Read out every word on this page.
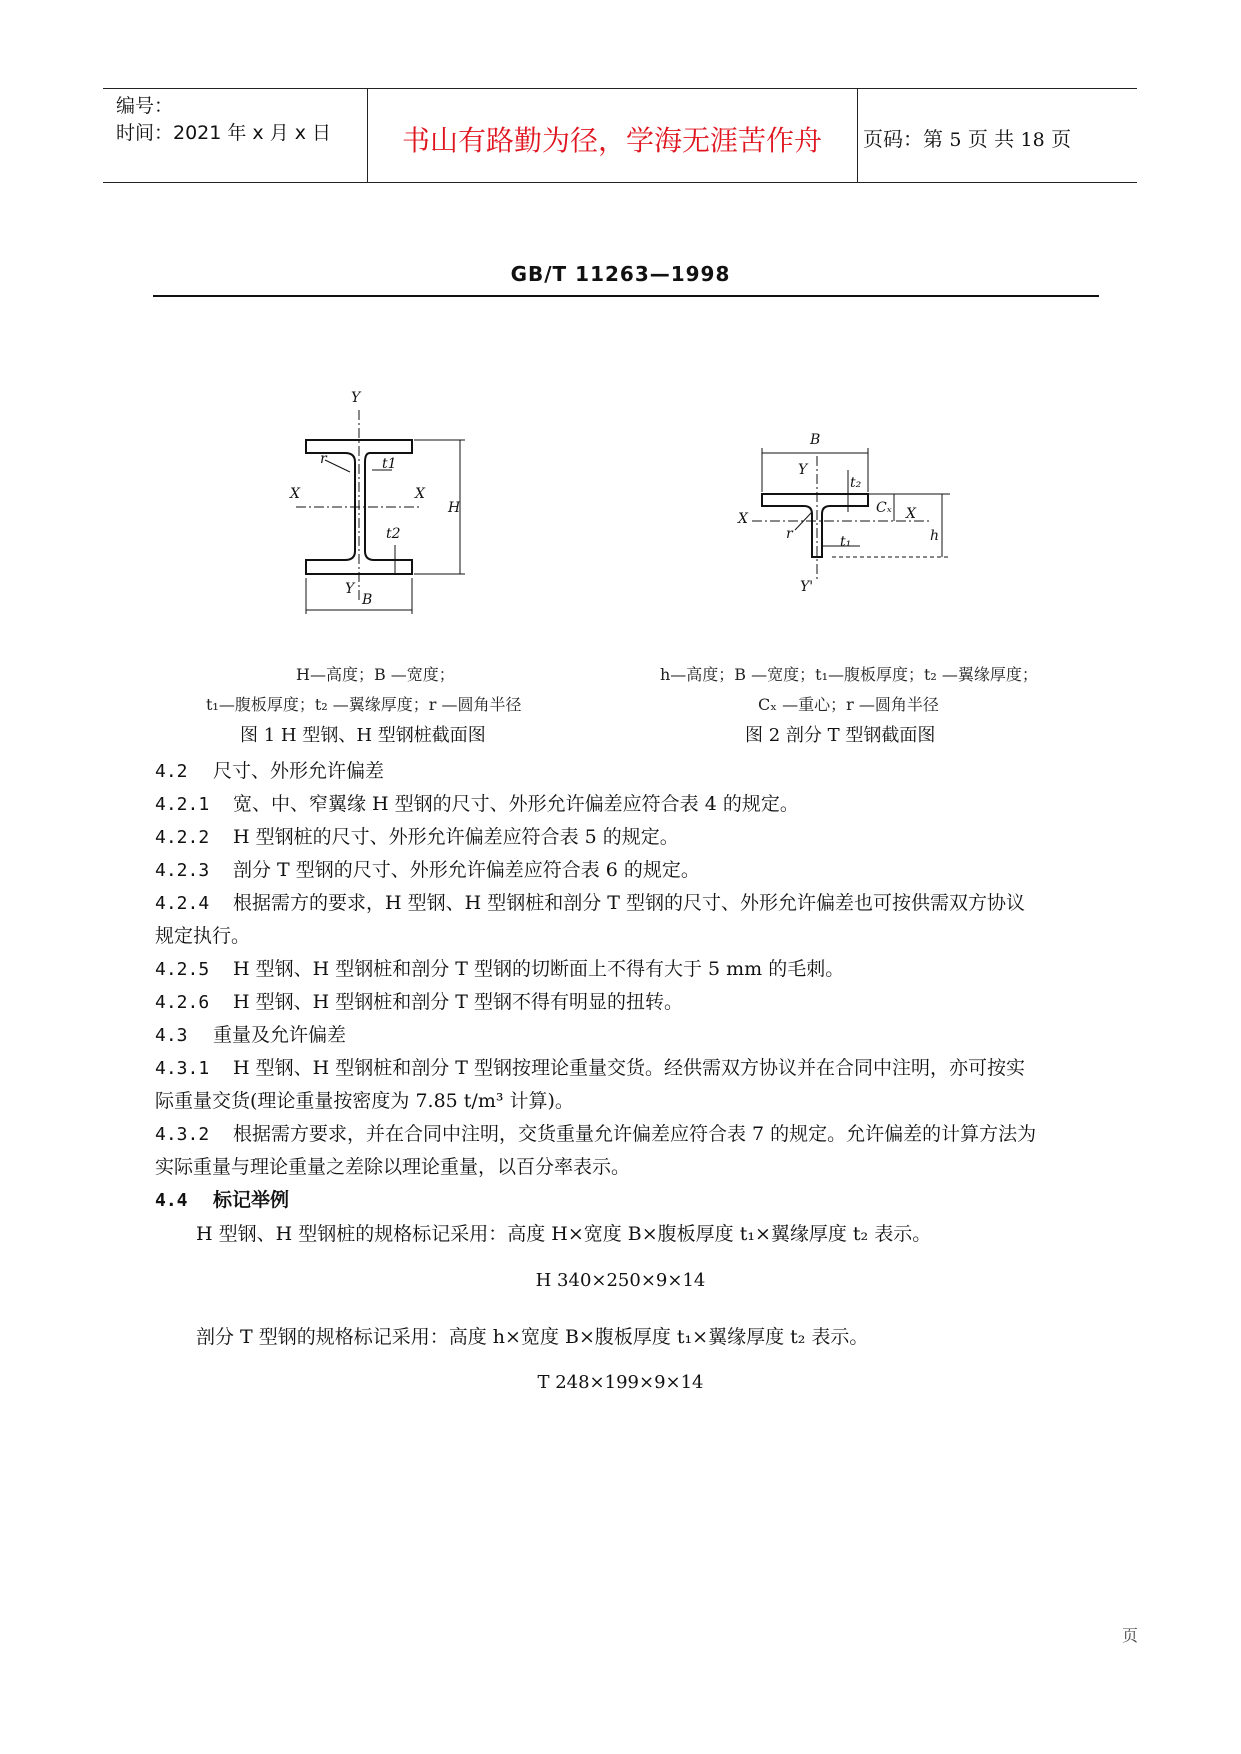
编号：
时间：2021 年 x 月 x 日	书山有路勤为径，学海无涯苦作舟	页码：第 5 页 共 18 页
GB/T 11263—1998
Y
Y
X	X
r	t1
t2
H
B
B
Y
Y'
X	X
t₂
t₁
Cₓ
h
r
H—高度；B —宽度；
t₁—腹板厚度；t₂ —翼缘厚度；r —圆角半径
图 1 H 型钢、H 型钢桩截面图
h—高度；B —宽度；t₁—腹板厚度；t₂ —翼缘厚度；
Cₓ —重心；r —圆角半径
图 2 剖分 T 型钢截面图
4.2 尺寸、外形允许偏差
4.2.1 宽、中、窄翼缘 H 型钢的尺寸、外形允许偏差应符合表 4 的规定。
4.2.2 H 型钢桩的尺寸、外形允许偏差应符合表 5 的规定。
4.2.3 剖分 T 型钢的尺寸、外形允许偏差应符合表 6 的规定。
4.2.4 根据需方的要求，H 型钢、H 型钢桩和剖分 T 型钢的尺寸、外形允许偏差也可按供需双方协议
规定执行。
4.2.5 H 型钢、H 型钢桩和剖分 T 型钢的切断面上不得有大于 5 mm 的毛刺。
4.2.6 H 型钢、H 型钢桩和剖分 T 型钢不得有明显的扭转。
4.3 重量及允许偏差
4.3.1 H 型钢、H 型钢桩和剖分 T 型钢按理论重量交货。经供需双方协议并在合同中注明，亦可按实
际重量交货(理论重量按密度为 7.85 t/m³ 计算)。
4.3.2 根据需方要求，并在合同中注明，交货重量允许偏差应符合表 7 的规定。允许偏差的计算方法为
实际重量与理论重量之差除以理论重量，以百分率表示。
4.4 标记举例
H 型钢、H 型钢桩的规格标记采用：高度 H×宽度 B×腹板厚度 t₁×翼缘厚度 t₂ 表示。
H 340×250×9×14
剖分 T 型钢的规格标记采用：高度 h×宽度 B×腹板厚度 t₁×翼缘厚度 t₂ 表示。
T 248×199×9×14
页
